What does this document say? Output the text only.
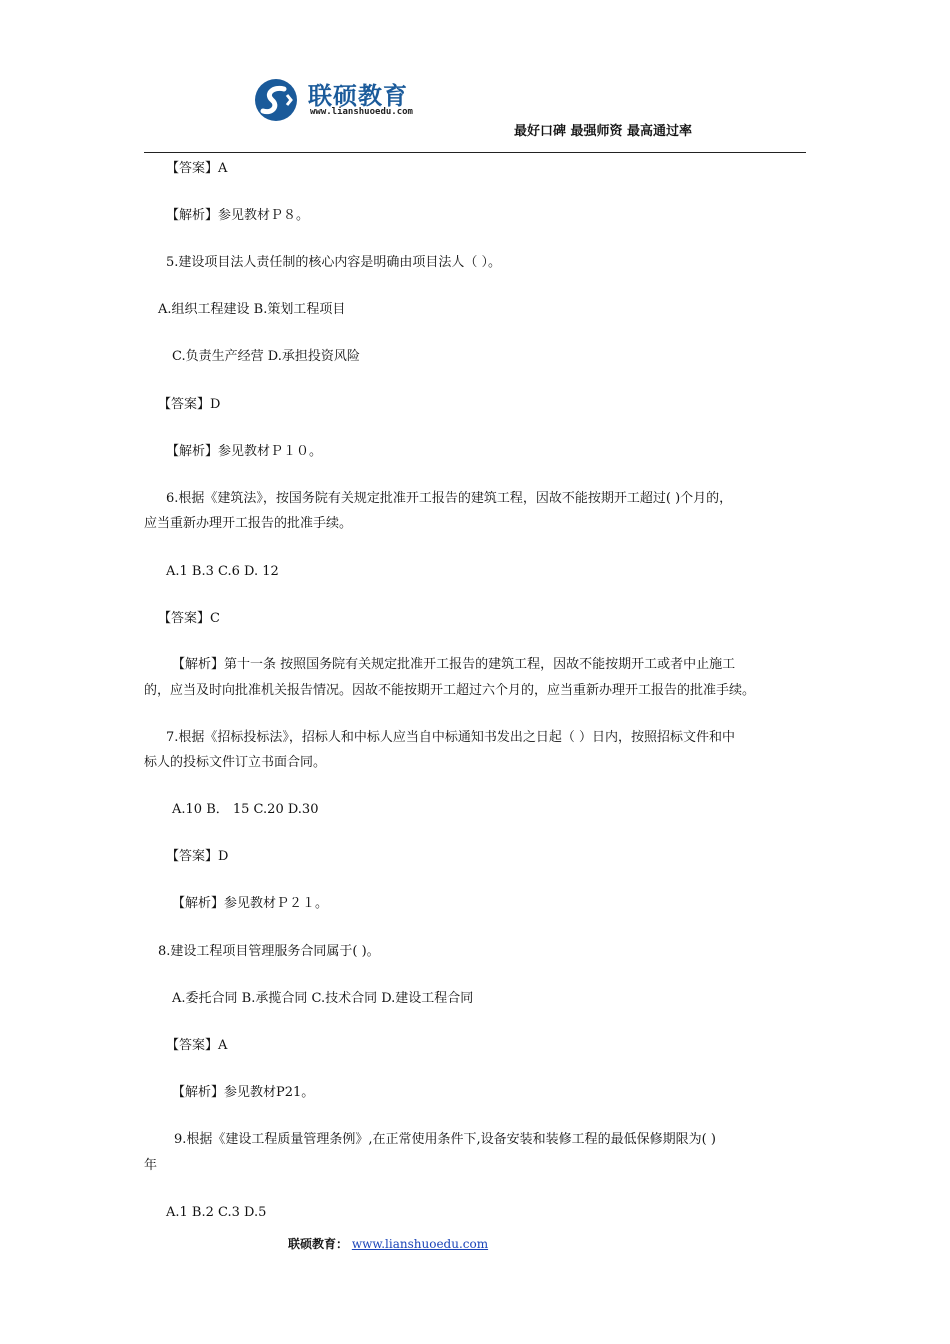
联硕教育
www.lianshuoedu.com
最好口碑 最强师资 最高通过率
【答案】A
【解析】参见教材Ｐ８。
5.建设项目法人责任制的核心内容是明确由项目法人（ ）。
A.组织工程建设 B.策划工程项目
C.负责生产经营 D.承担投资风险
【答案】D
【解析】参见教材Ｐ１０。
6.根据《建筑法》，按国务院有关规定批准开工报告的建筑工程，因故不能按期开工超过( )个月的，
应当重新办理开工报告的批准手续。
A.1 B.3 C.6 D. 12
【答案】C
【解析】第十一条 按照国务院有关规定批准开工报告的建筑工程，因故不能按期开工或者中止施工
的，应当及时向批准机关报告情况。因故不能按期开工超过六个月的，应当重新办理开工报告的批准手续。
7.根据《招标投标法》，招标人和中标人应当自中标通知书发出之日起（ ）日内，按照招标文件和中
标人的投标文件订立书面合同。
A.10 B． 15 C.20 D.30
【答案】D
【解析】参见教材Ｐ２１。
8.建设工程项目管理服务合同属于( )。
A.委托合同 B.承揽合同 C.技术合同 D.建设工程合同
【答案】A
【解析】参见教材P21。
9.根据《建设工程质量管理条例》,在正常使用条件下,设备安装和装修工程的最低保修期限为( )
年
A.1 B.2 C.3 D.5
联硕教育： www.lianshuoedu.com
